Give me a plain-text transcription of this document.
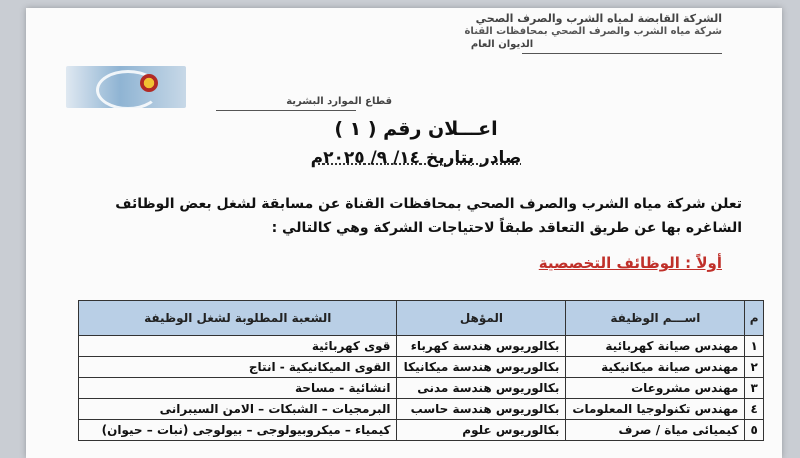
الشركة القابضة لمياه الشرب والصرف الصحي
شركة مياه الشرب والصرف الصحي بمحافظات القناة
الديوان العام
قطاع الموارد البشرية
اعـــلان رقم ( ١ )
صادر بتاريخ ١٤/ ٩/ ٢٠٢٥م
تعلن شركة مياه الشرب والصرف الصحي بمحافظات القناة عن مسابقة لشغل بعض الوظائف الشاغره بها عن طريق التعاقد طبقاً لاحتياجات الشركة وهي كالتالي :
أولاً : الوظائف التخصصية
م	اســـم الوظيفة	المؤهل	الشعبة المطلوبة لشغل الوظيفة
١	مهندس صيانة كهربائية	بكالوريوس هندسة كهرباء	قوى كهربائية
٢	مهندس صيانة ميكانيكية	بكالوريوس هندسة ميكانيكا	القوى الميكانيكية - انتاج
٣	مهندس مشروعات	بكالوريوس هندسة مدنى	انشائية - مساحة
٤	مهندس تكنولوجيا المعلومات	بكالوريوس هندسة حاسب	البرمجيات – الشبكات – الامن السيبرانى
٥	كيميائى مياة / صرف	بكالوريوس علوم	كيمياء – ميكروبيولوجى – بيولوجى (نبات – حيوان)
